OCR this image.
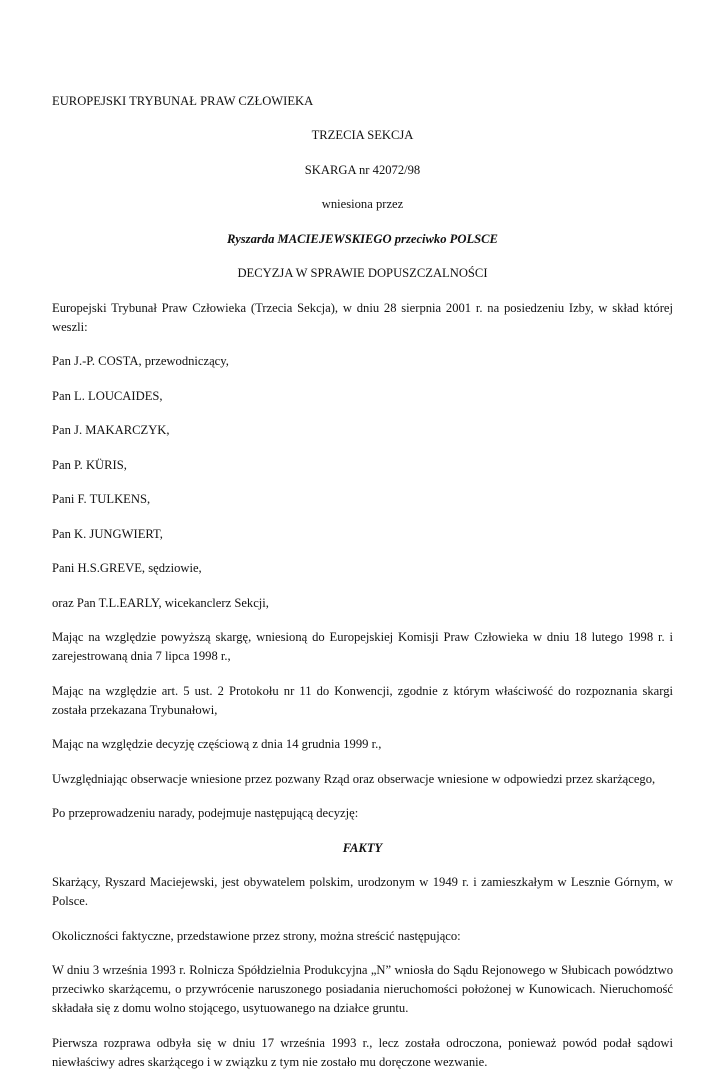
EUROPEJSKI TRYBUNAŁ PRAW CZŁOWIEKA

TRZECIA SEKCJA

SKARGA nr 42072/98

wniesiona przez

Ryszarda MACIEJEWSKIEGO przeciwko POLSCE

DECYZJA W SPRAWIE DOPUSZCZALNOŚCI

Europejski Trybunał Praw Człowieka (Trzecia Sekcja), w dniu 28 sierpnia 2001 r. na posiedzeniu Izby, w skład której weszli:

Pan J.-P. COSTA, przewodniczący,

Pan L. LOUCAIDES,

Pan J. MAKARCZYK,

Pan P. KÜRIS,

Pani F. TULKENS,

Pan K. JUNGWIERT,

Pani H.S.GREVE, sędziowie,

oraz Pan T.L.EARLY, wicekanclerz Sekcji,

Mając na względzie powyższą skargę, wniesioną do Europejskiej Komisji Praw Człowieka w dniu 18 lutego 1998 r. i zarejestrowaną dnia 7 lipca 1998 r.,

Mając na względzie art. 5 ust. 2 Protokołu nr 11 do Konwencji, zgodnie z którym właściwość do rozpoznania skargi została przekazana Trybunałowi,

Mając na względzie decyzję częściową z dnia 14 grudnia 1999 r.,

Uwzględniając obserwacje wniesione przez pozwany Rząd oraz obserwacje wniesione w odpowiedzi przez skarżącego,

Po przeprowadzeniu narady, podejmuje następującą decyzję:

FAKTY

Skarżący, Ryszard Maciejewski, jest obywatelem polskim, urodzonym w 1949 r. i zamieszkałym w Lesznie Górnym, w Polsce.

Okoliczności faktyczne, przedstawione przez strony, można streścić następująco:

W dniu 3 września 1993 r. Rolnicza Spółdzielnia Produkcyjna „N” wniosła do Sądu Rejonowego w Słubicach powództwo przeciwko skarżącemu, o przywrócenie naruszonego posiadania nieruchomości położonej w Kunowicach. Nieruchomość składała się z domu wolno stojącego, usytuowanego na działce gruntu.

Pierwsza rozprawa odbyła się w dniu 17 września 1993 r., lecz została odroczona, ponieważ powód podał sądowi niewłaściwy adres skarżącego i w związku z tym nie zostało mu doręczone wezwanie.
